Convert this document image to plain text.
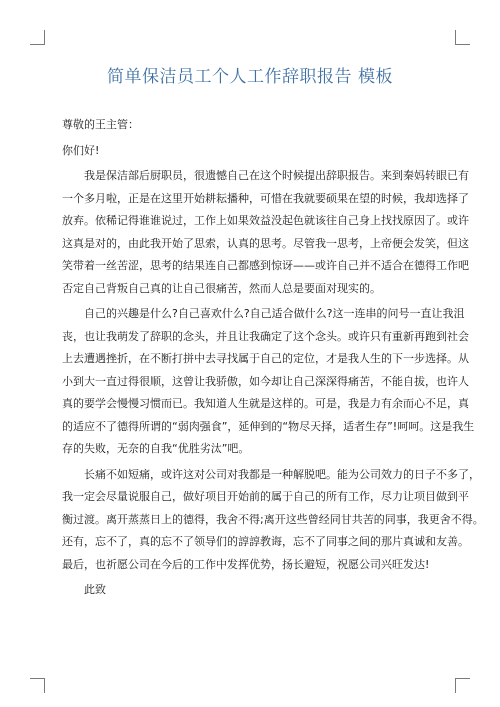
简单保洁员工个人工作辞职报告 模板
尊敬的王主管：
你们好!
我是保洁部后厨职员，很遗憾自己在这个时候提出辞职报告。来到秦妈转眼已有
一个多月啦，正是在这里开始耕耘播种，可惜在我就要硕果在望的时候，我却选择了
放弃。依稀记得谁谁说过，工作上如果效益没起色就该往自己身上找找原因了。或许
这真是对的，由此我开始了思索，认真的思考。尽管我一思考，上帝便会发笑，但这
笑带着一丝苦涩，思考的结果连自己都感到惊讶——或许自己并不适合在德得工作吧
否定自己背叛自己真的让自己很痛苦，然而人总是要面对现实的。
自己的兴趣是什么?自己喜欢什么?自己适合做什么?这一连串的问号一直让我沮
丧，也让我萌发了辞职的念头，并且让我确定了这个念头。或许只有重新再跑到社会
上去遭遇挫折，在不断打拼中去寻找属于自己的定位，才是我人生的下一步选择。从
小到大一直过得很顺，这曾让我骄傲，如今却让自己深深得痛苦，不能自拔，也许人
真的要学会慢慢习惯而已。我知道人生就是这样的。可是，我是力有余而心不足，真
的适应不了德得所谓的“弱肉强食”，延伸到的“物尽天择，适者生存”!呵呵。这是我生
存的失败，无奈的自我“优胜劣汰”吧。
长痛不如短痛，或许这对公司对我都是一种解脱吧。能为公司效力的日子不多了，
我一定会尽量说服自己，做好项目开始前的属于自己的所有工作，尽力让项目做到平
衡过渡。离开蒸蒸日上的德得，我舍不得;离开这些曾经同甘共苦的同事，我更舍不得。
还有，忘不了，真的忘不了领导们的諄諄教诲，忘不了同事之间的那片真诚和友善。
最后，也祈愿公司在今后的工作中发挥优势，扬长避短，祝愿公司兴旺发达!
此致
